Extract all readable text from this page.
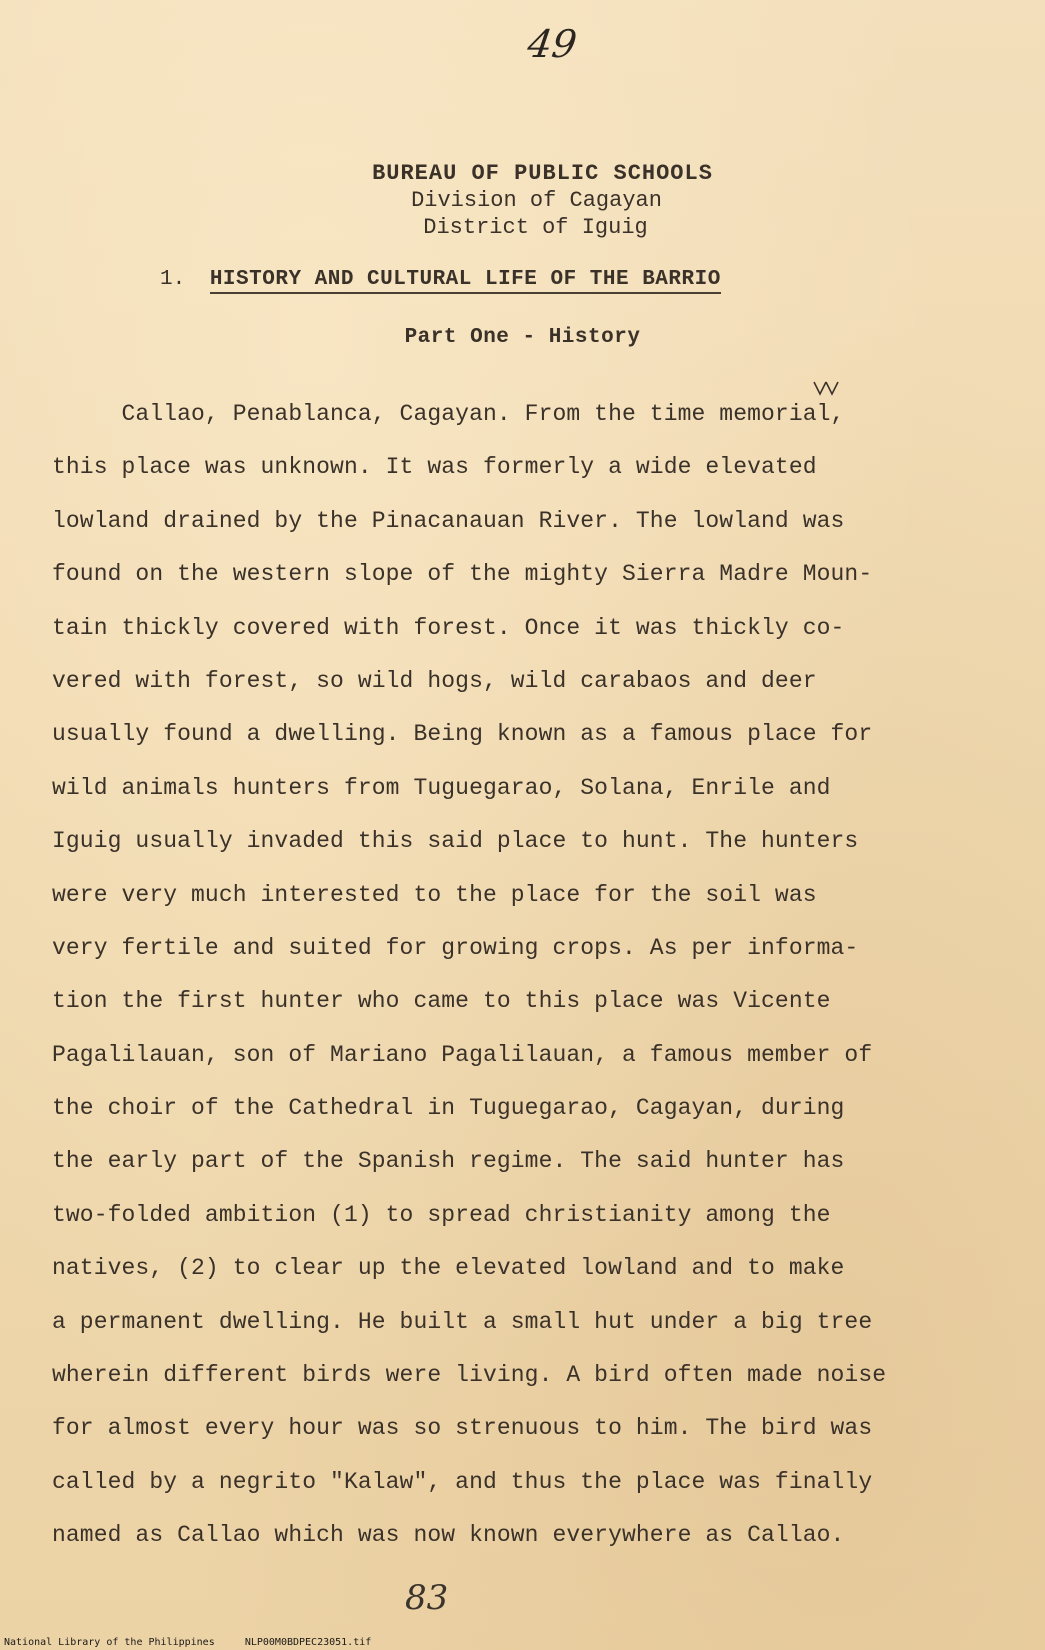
49
BUREAU OF PUBLIC SCHOOLS
Division of Cagayan
District of Iguig
1. HISTORY AND CULTURAL LIFE OF THE BARRIO
Part One - History
Callao, Penablanca, Cagayan. From the time memorial,
this place was unknown. It was formerly a wide elevated
lowland drained by the Pinacanauan River. The lowland was
found on the western slope of the mighty Sierra Madre Moun-
tain thickly covered with forest. Once it was thickly co-
vered with forest, so wild hogs, wild carabaos and deer
usually found a dwelling. Being known as a famous place for
wild animals hunters from Tuguegarao, Solana, Enrile and
Iguig usually invaded this said place to hunt. The hunters
were very much interested to the place for the soil was
very fertile and suited for growing crops. As per informa-
tion the first hunter who came to this place was Vicente
Pagalilauan, son of Mariano Pagalilauan, a famous member of
the choir of the Cathedral in Tuguegarao, Cagayan, during
the early part of the Spanish regime. The said hunter has
two-folded ambition (1) to spread christianity among the
natives, (2) to clear up the elevated lowland and to make
a permanent dwelling. He built a small hut under a big tree
wherein different birds were living. A bird often made noise
for almost every hour was so strenuous to him. The bird was
called by a negrito "Kalaw", and thus the place was finally
named as Callao which was now known everywhere as Callao.
83
National Library of the Philippines     NLP00M0BDPEC23051.tif
